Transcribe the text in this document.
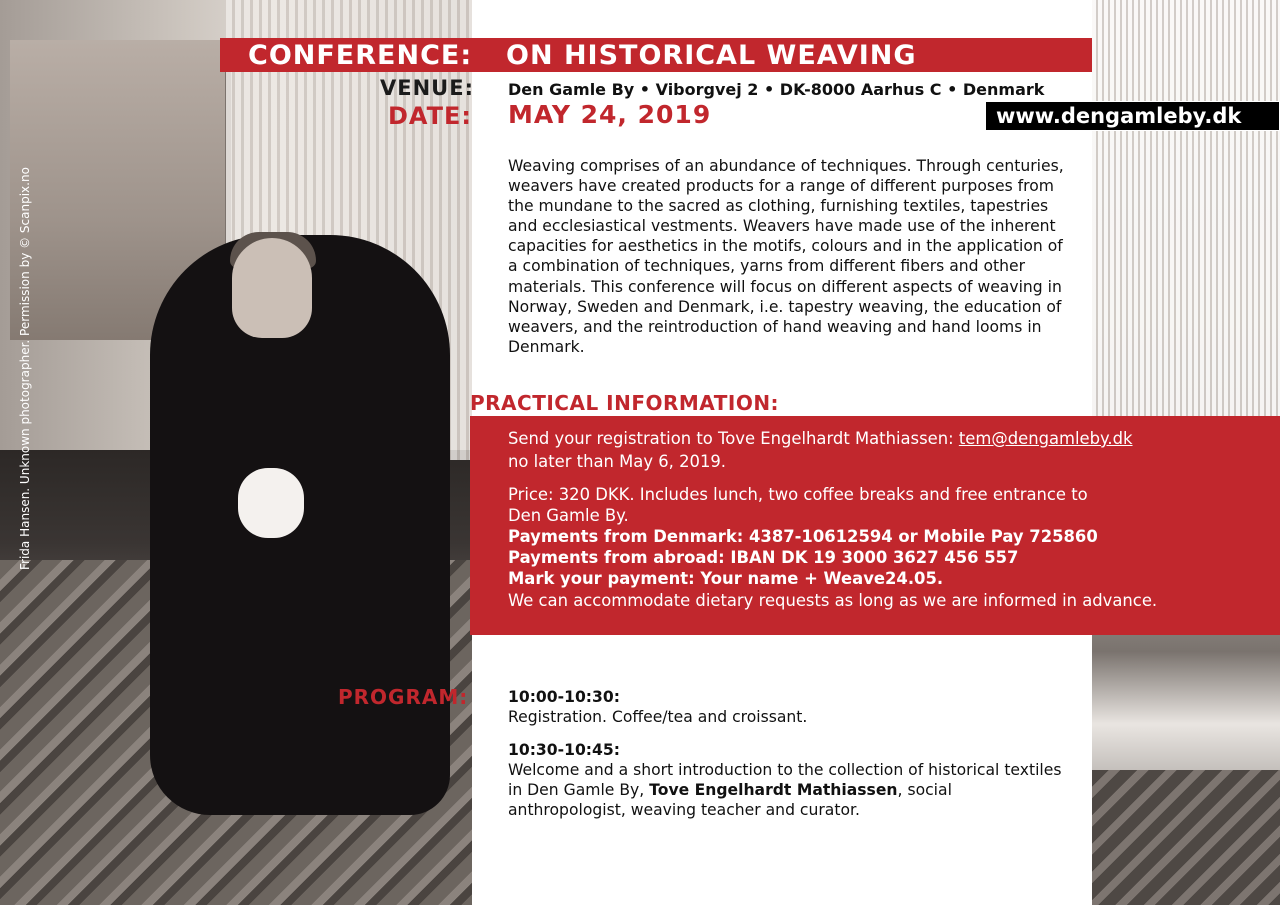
Frida Hansen. Unknown photographer. Permission by © Scanpix.no
CONFERENCE: ON HISTORICAL WEAVING
VENUE: Den Gamle By • Viborgvej 2 • DK-8000 Aarhus C • Denmark
DATE: MAY 24, 2019	www.dengamleby.dk
Weaving comprises of an abundance of techniques. Through centuries, weavers have created products for a range of different purposes from the mundane to the sacred as clothing, furnishing textiles, tapestries and ecclesiastical vestments. Weavers have made use of the inherent capacities for aesthetics in the motifs, colours and in the application of a combination of techniques, yarns from different fibers and other materials. This conference will focus on different aspects of weaving in Norway, Sweden and Denmark, i.e. tapestry weaving, the education of weavers, and the reintroduction of hand weaving and hand looms in Denmark.
PRACTICAL INFORMATION:
Send your registration to Tove Engelhardt Mathiassen: tem@dengamleby.dk
no later than May 6, 2019.
Price: 320 DKK. Includes lunch, two coffee breaks and free entrance to
Den Gamle By.
Payments from Denmark: 4387-10612594 or Mobile Pay 725860
Payments from abroad: IBAN DK 19 3000 3627 456 557
Mark your payment: Your name + Weave24.05.
We can accommodate dietary requests as long as we are informed in advance.
PROGRAM:	10:00-10:30:
Registration. Coffee/tea and croissant.
10:30-10:45:
Welcome and a short introduction to the collection of historical textiles in Den Gamle By, Tove Engelhardt Mathiassen, social anthropologist, weaving teacher and curator.
